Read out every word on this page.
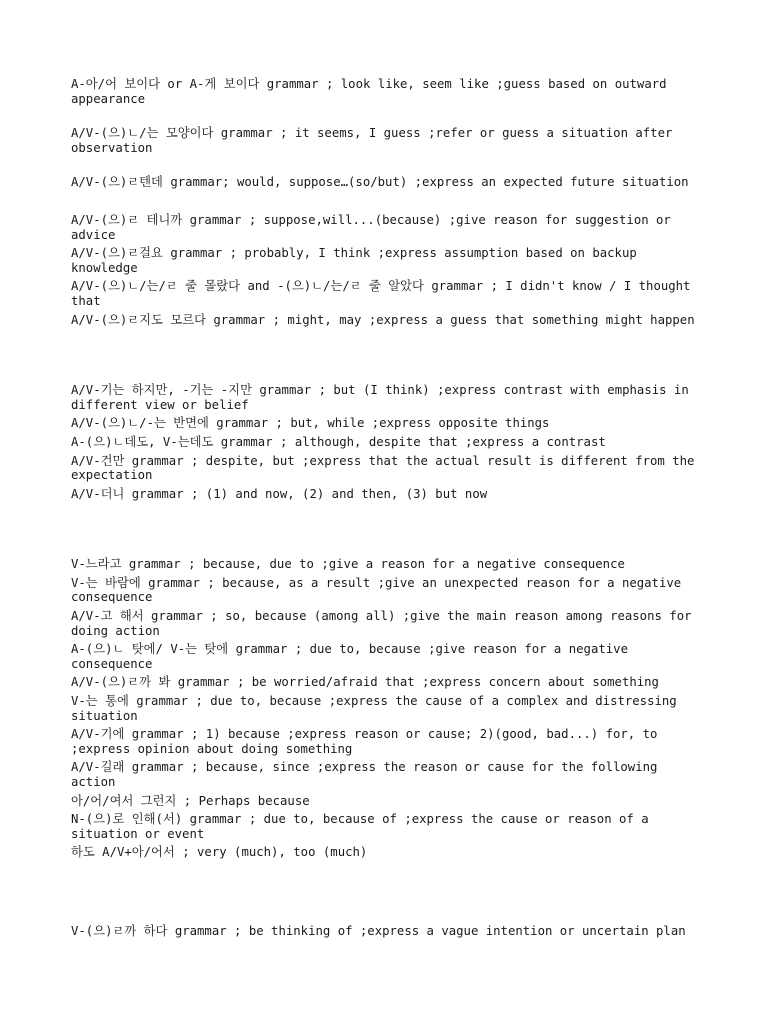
A-아/어 보이다 or A-게 보이다 grammar ; look like, seem like ;guess based on outward appearance

A/V-(으)ㄴ/는 모양이다 grammar ; it seems, I guess ;refer or guess a situation after observation

A/V-(으)ㄹ텐데 grammar; would, suppose…(so/but) ;express an expected future situation

A/V-(으)ㄹ 테니까 grammar ; suppose,will...(because) ;give reason for suggestion or advice

A/V-(으)ㄹ걸요 grammar ; probably, I think ;express assumption based on backup knowledge

A/V-(으)ㄴ/는/ㄹ 줄 몰랐다 and -(으)ㄴ/는/ㄹ 줄 알았다 grammar ; I didn't know / I thought that

A/V-(으)ㄹ지도 모르다 grammar ; might, may ;express a guess that something might happen

A/V-기는 하지만, -기는 -지만 grammar ; but (I think) ;express contrast with emphasis in different view or belief

A/V-(으)ㄴ/-는 반면에 grammar ; but, while ;express opposite things

A-(으)ㄴ데도, V-는데도 grammar ; although, despite that ;express a contrast

A/V-건만 grammar ; despite, but ;express that the actual result is different from the expectation

A/V-더니 grammar ; (1) and now, (2) and then, (3) but now

V-느라고 grammar ; because, due to ;give a reason for a negative consequence

V-는 바람에 grammar ; because, as a result ;give an unexpected reason for a negative consequence

A/V-고 해서 grammar ; so, because (among all) ;give the main reason among reasons for doing action

A-(으)ㄴ 탓에/ V-는 탓에 grammar ; due to, because ;give reason for a negative consequence

A/V-(으)ㄹ까 봐 grammar ; be worried/afraid that ;express concern about something

V-는 통에 grammar ; due to, because ;express the cause of a complex and distressing situation

A/V-기에 grammar ; 1) because ;express reason or cause; 2)(good, bad...) for, to ;express opinion about doing something

A/V-길래 grammar ; because, since ;express the reason or cause for the following action

아/어/여서 그런지 ; Perhaps because

N-(으)로 인해(서) grammar ; due to, because of ;express the cause or reason of a situation or event

하도 A/V+아/어서 ; very (much), too (much)

V-(으)ㄹ까 하다 grammar ; be thinking of ;express a vague intention or uncertain plan
